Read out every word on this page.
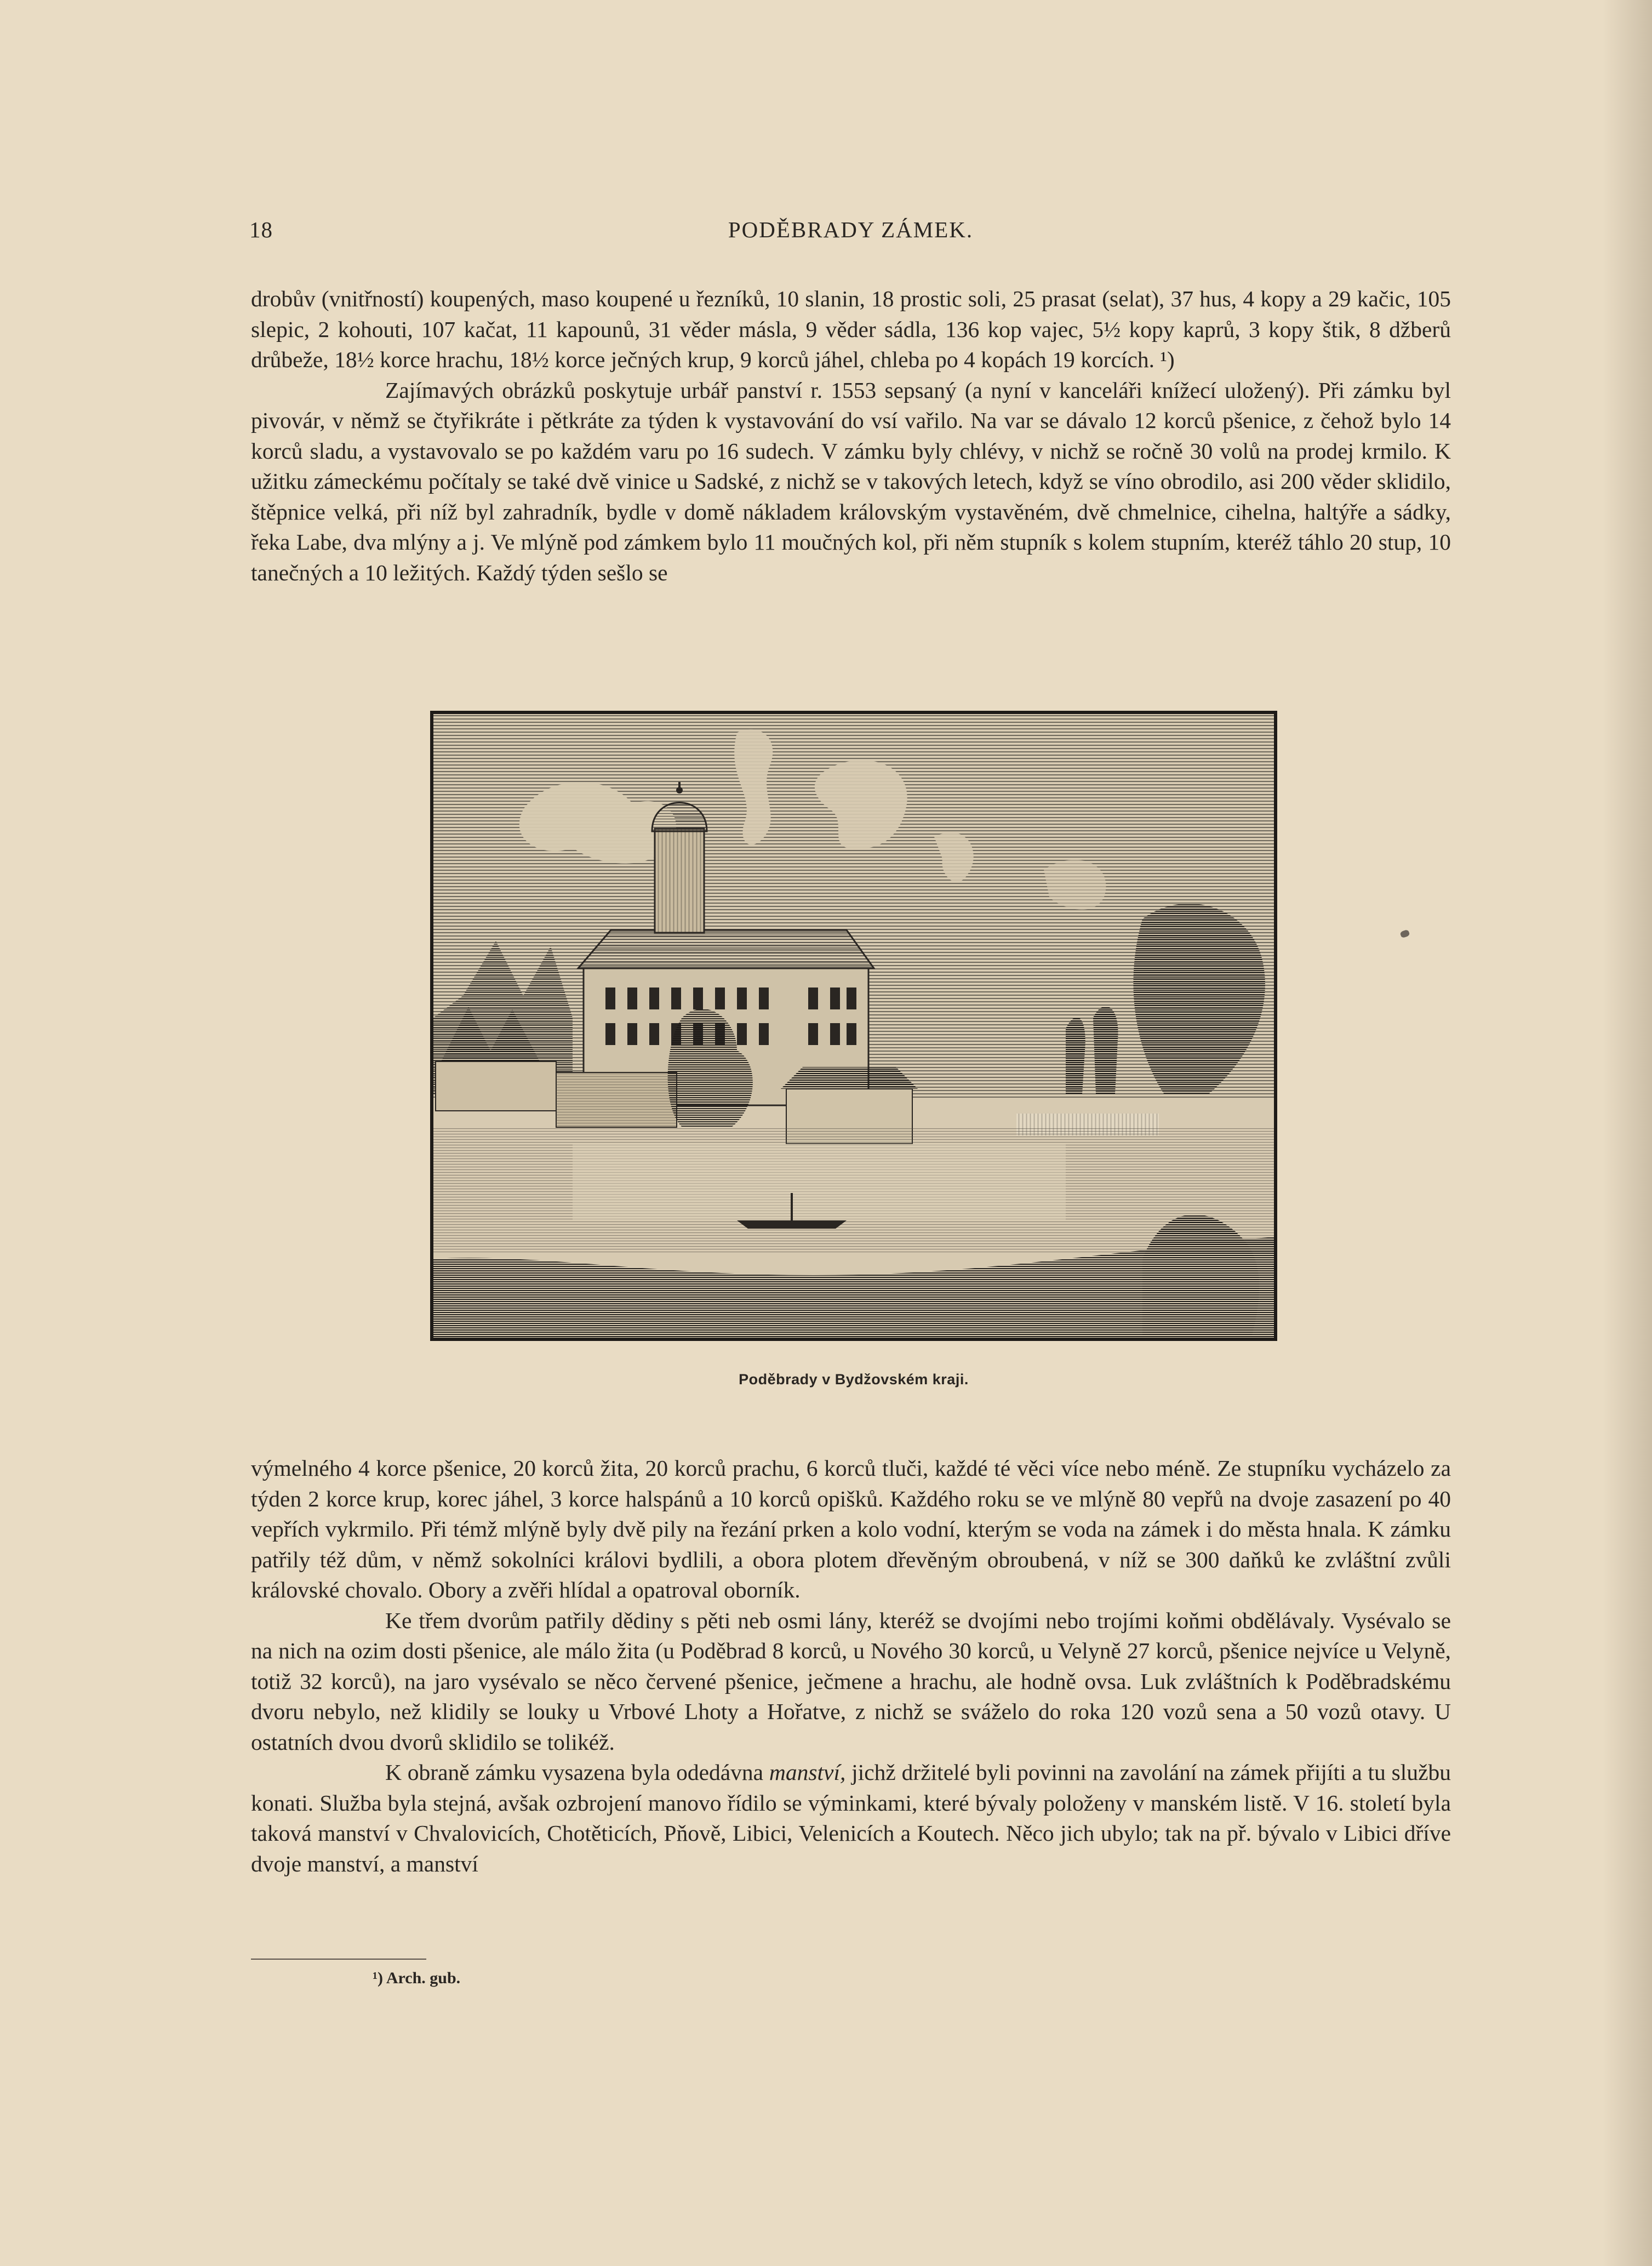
18	PODĚBRADY ZÁMEK.

drobův (vnitřností) koupených, maso koupené u řezníků, 10 slanin, 18 prostic soli, 25 prasat (selat), 37 hus, 4 kopy a 29 kačic, 105 slepic, 2 kohouti, 107 kačat, 11 kapounů, 31 věder másla, 9 věder sádla, 136 kop vajec, 5½ kopy kaprů, 3 kopy štik, 8 džberů drůbeže, 18½ korce hrachu, 18½ korce ječných krup, 9 korců jáhel, chleba po 4 kopách 19 korcích. ¹)

Zajímavých obrázků poskytuje urbář panství r. 1553 sepsaný (a nyní v kanceláři knížecí uložený). Při zámku byl pivovár, v němž se čtyřikráte i pětkráte za týden k vystavování do vsí vařilo. Na var se dávalo 12 korců pšenice, z čehož bylo 14 korců sladu, a vystavovalo se po každém varu po 16 sudech. V zámku byly chlévy, v nichž se ročně 30 volů na prodej krmilo. K užitku zámeckému počítaly se také dvě vinice u Sadské, z nichž se v takových letech, když se víno obrodilo, asi 200 věder sklidilo, štěpnice velká, při níž byl zahradník, bydle v domě nákladem královským vystavěném, dvě chmelnice, cihelna, haltýře a sádky, řeka Labe, dva mlýny a j. Ve mlýně pod zámkem bylo 11 moučných kol, při něm stupník s kolem stupním, kteréž táhlo 20 stup, 10 tanečných a 10 ležitých. Každý týden sešlo se

Poděbrady v Bydžovském kraji.

výmelného 4 korce pšenice, 20 korců žita, 20 korců prachu, 6 korců tluči, každé té věci více nebo méně. Ze stupníku vycházelo za týden 2 korce krup, korec jáhel, 3 korce halspánů a 10 korců opišků. Každého roku se ve mlýně 80 vepřů na dvoje zasazení po 40 vepřích vykrmilo. Při témž mlýně byly dvě pily na řezání prken a kolo vodní, kterým se voda na zámek i do města hnala. K zámku patřily též dům, v němž sokolníci královi bydlili, a obora plotem dřevěným obroubená, v níž se 300 daňků ke zvláštní zvůli královské chovalo. Obory a zvěři hlídal a opatroval oborník.

Ke třem dvorům patřily dědiny s pěti neb osmi lány, kteréž se dvojími nebo trojími koňmi obdělávaly. Vysévalo se na nich na ozim dosti pšenice, ale málo žita (u Poděbrad 8 korců, u Nového 30 korců, u Velyně 27 korců, pšenice nejvíce u Velyně, totiž 32 korců), na jaro vysévalo se něco červené pšenice, ječmene a hrachu, ale hodně ovsa. Luk zvláštních k Poděbradskému dvoru nebylo, než klidily se louky u Vrbové Lhoty a Hořatve, z nichž se sváželo do roka 120 vozů sena a 50 vozů otavy. U ostatních dvou dvorů sklidilo se tolikéž.

K obraně zámku vysazena byla odedávna manství, jichž držitelé byli povinni na zavolání na zámek přijíti a tu službu konati. Služba byla stejná, avšak ozbrojení manovo řídilo se výminkami, které bývaly položeny v manském listě. V 16. století byla taková manství v Chvalovicích, Chotěticích, Pňově, Libici, Velenicích a Koutech. Něco jich ubylo; tak na př. bývalo v Libici dříve dvoje manství, a manství

¹) Arch. gub.
